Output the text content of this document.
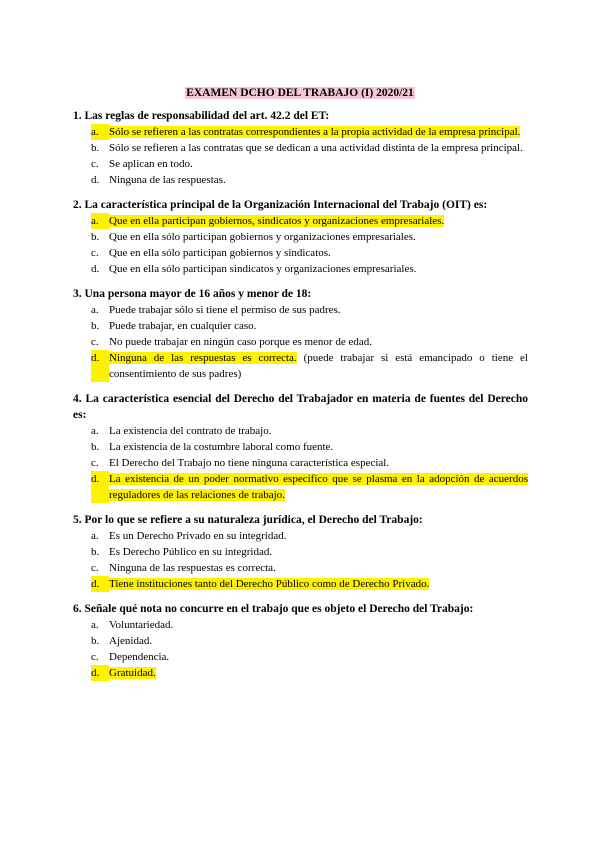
EXAMEN DCHO DEL TRABAJO (I) 2020/21

1. Las reglas de responsabilidad del art. 42.2 del ET:

a. Sólo se refieren a las contratas correspondientes a la propia actividad de la empresa principal.
b. Sólo se refieren a las contratas que se dedican a una actividad distinta de la empresa principal.
c. Se aplican en todo.
d. Ninguna de las respuestas.

2. La característica principal de la Organización Internacional del Trabajo (OIT) es:

a. Que en ella participan gobiernos, sindicatos y organizaciones empresariales.
b. Que en ella sólo participan gobiernos y organizaciones empresariales.
c. Que en ella sólo participan gobiernos y sindicatos.
d. Que en ella sólo participan sindicatos y organizaciones empresariales.

3. Una persona mayor de 16 años y menor de 18:

a. Puede trabajar sólo si tiene el permiso de sus padres.
b. Puede trabajar, en cualquier caso.
c. No puede trabajar en ningún caso porque es menor de edad.
d. Ninguna de las respuestas es correcta. (puede trabajar si está emancipado o tiene el consentimiento de sus padres)

4. La característica esencial del Derecho del Trabajador en materia de fuentes del Derecho es:

a. La existencia del contrato de trabajo.
b. La existencia de la costumbre laboral como fuente.
c. El Derecho del Trabajo no tiene ninguna característica especial.
d. La existencia de un poder normativo específico que se plasma en la adopción de acuerdos reguladores de las relaciones de trabajo.

5. Por lo que se refiere a su naturaleza jurídica, el Derecho del Trabajo:

a. Es un Derecho Privado en su integridad.
b. Es Derecho Público en su integridad.
c. Ninguna de las respuestas es correcta.
d. Tiene instituciones tanto del Derecho Público como de Derecho Privado.

6. Señale qué nota no concurre en el trabajo que es objeto el Derecho del Trabajo:

a. Voluntariedad.
b. Ajenidad.
c. Dependencia.
d. Gratuidad.
